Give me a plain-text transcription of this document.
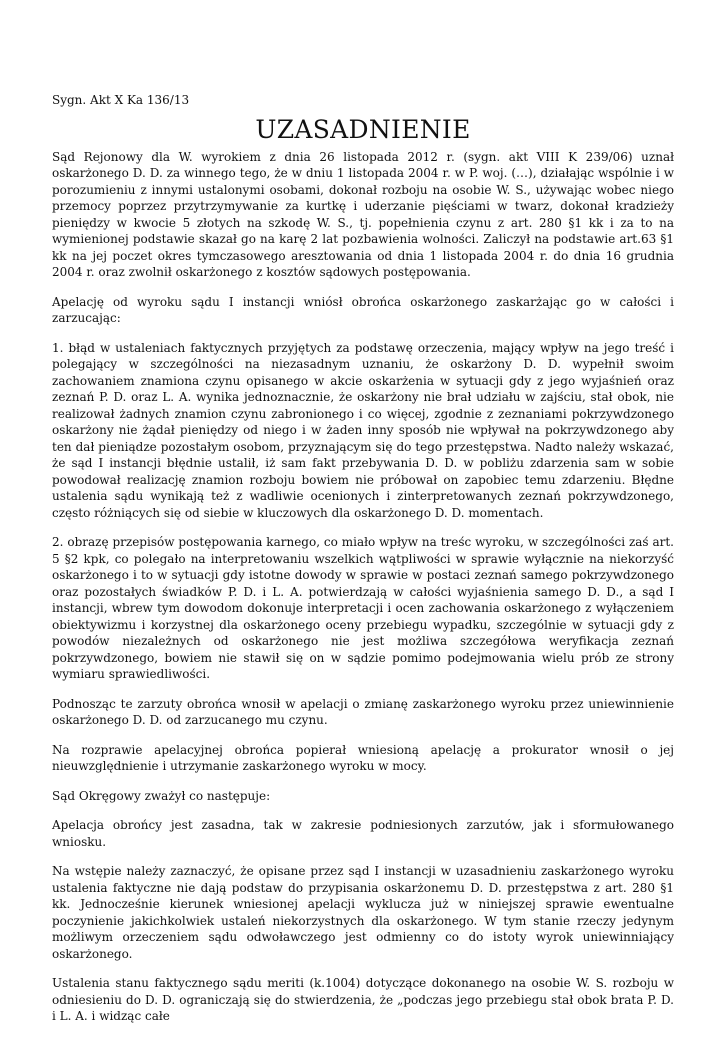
Sygn. Akt X Ka 136/13

UZASADNIENIE

Sąd Rejonowy dla W. wyrokiem z dnia 26 listopada 2012 r. (sygn. akt VIII K 239/06) uznał oskarżonego D. D. za winnego tego, że w dniu 1 listopada 2004 r. w P. woj. (…), działając wspólnie i w porozumieniu z innymi ustalonymi osobami, dokonał rozboju na osobie W. S., używając wobec niego przemocy poprzez przytrzymywanie za kurtkę i uderzanie pięściami w twarz, dokonał kradzieży pieniędzy w kwocie 5 złotych na szkodę W. S., tj. popełnienia czynu z art. 280 §1 kk i za to na wymienionej podstawie skazał go na karę 2 lat pozbawienia wolności. Zaliczył na podstawie art.63 §1 kk na jej poczet okres tymczasowego aresztowania od dnia 1 listopada 2004 r. do dnia 16 grudnia 2004 r. oraz zwolnił oskarżonego z kosztów sądowych postępowania.

Apelację od wyroku sądu I instancji wniósł obrońca oskarżonego zaskarżając go w całości i zarzucając:

1. błąd w ustaleniach faktycznych przyjętych za podstawę orzeczenia, mający wpływ na jego treść i polegający w szczególności na niezasadnym uznaniu, że oskarżony D. D. wypełnił swoim zachowaniem znamiona czynu opisanego w akcie oskarżenia w sytuacji gdy z jego wyjaśnień oraz zeznań P. D. oraz L. A. wynika jednoznacznie, że oskarżony nie brał udziału w zajściu, stał obok, nie realizował żadnych znamion czynu zabronionego i co więcej, zgodnie z zeznaniami pokrzywdzonego oskarżony nie żądał pieniędzy od niego i w żaden inny sposób nie wpływał na pokrzywdzonego aby ten dał pieniądze pozostałym osobom, przyznającym się do tego przestępstwa. Nadto należy wskazać, że sąd I instancji błędnie ustalił, iż sam fakt przebywania D. D. w pobliżu zdarzenia sam w sobie powodował realizację znamion rozboju bowiem nie próbował on zapobiec temu zdarzeniu. Błędne ustalenia sądu wynikają też z wadliwie ocenionych i zinterpretowanych zeznań pokrzywdzonego, często różniących się od siebie w kluczowych dla oskarżonego D. D. momentach.

2. obrazę przepisów postępowania karnego, co miało wpływ na treśc wyroku, w szczególności zaś art. 5 §2 kpk, co polegało na interpretowaniu wszelkich wątpliwości w sprawie wyłącznie na niekorzyść oskarżonego i to w sytuacji gdy istotne dowody w sprawie w postaci zeznań samego pokrzywdzonego oraz pozostałych świadków P. D. i L. A. potwierdzają w całości wyjaśnienia samego D. D., a sąd I instancji, wbrew tym dowodom dokonuje interpretacji i ocen zachowania oskarżonego z wyłączeniem obiektywizmu i korzystnej dla oskarżonego oceny przebiegu wypadku, szczególnie w sytuacji gdy z powodów niezależnych od oskarżonego nie jest możliwa szczegółowa weryfikacja zeznań pokrzywdzonego, bowiem nie stawił się on w sądzie pomimo podejmowania wielu prób ze strony wymiaru sprawiedliwości.

Podnosząc te zarzuty obrońca wnosił w apelacji o zmianę zaskarżonego wyroku przez uniewinnienie oskarżonego D. D. od zarzucanego mu czynu.

Na rozprawie apelacyjnej obrońca popierał wniesioną apelację a prokurator wnosił o jej nieuwzględnienie i utrzymanie zaskarżonego wyroku w mocy.

Sąd Okręgowy zważył co następuje:

Apelacja obrońcy jest zasadna, tak w zakresie podniesionych zarzutów, jak i sformułowanego wniosku.

Na wstępie należy zaznaczyć, że opisane przez sąd I instancji w uzasadnieniu zaskarżonego wyroku ustalenia faktyczne nie dają podstaw do przypisania oskarżonemu D. D. przestępstwa z art. 280 §1 kk. Jednocześnie kierunek wniesionej apelacji wyklucza już w niniejszej sprawie ewentualne poczynienie jakichkolwiek ustaleń niekorzystnych dla oskarżonego. W tym stanie rzeczy jedynym możliwym orzeczeniem sądu odwoławczego jest odmienny co do istoty wyrok uniewinniający oskarżonego.

Ustalenia stanu faktycznego sądu meriti (k.1004) dotyczące dokonanego na osobie W. S. rozboju w odniesieniu do D. D. ograniczają się do stwierdzenia, że „podczas jego przebiegu stał obok brata P. D. i L. A. i widząc całe
